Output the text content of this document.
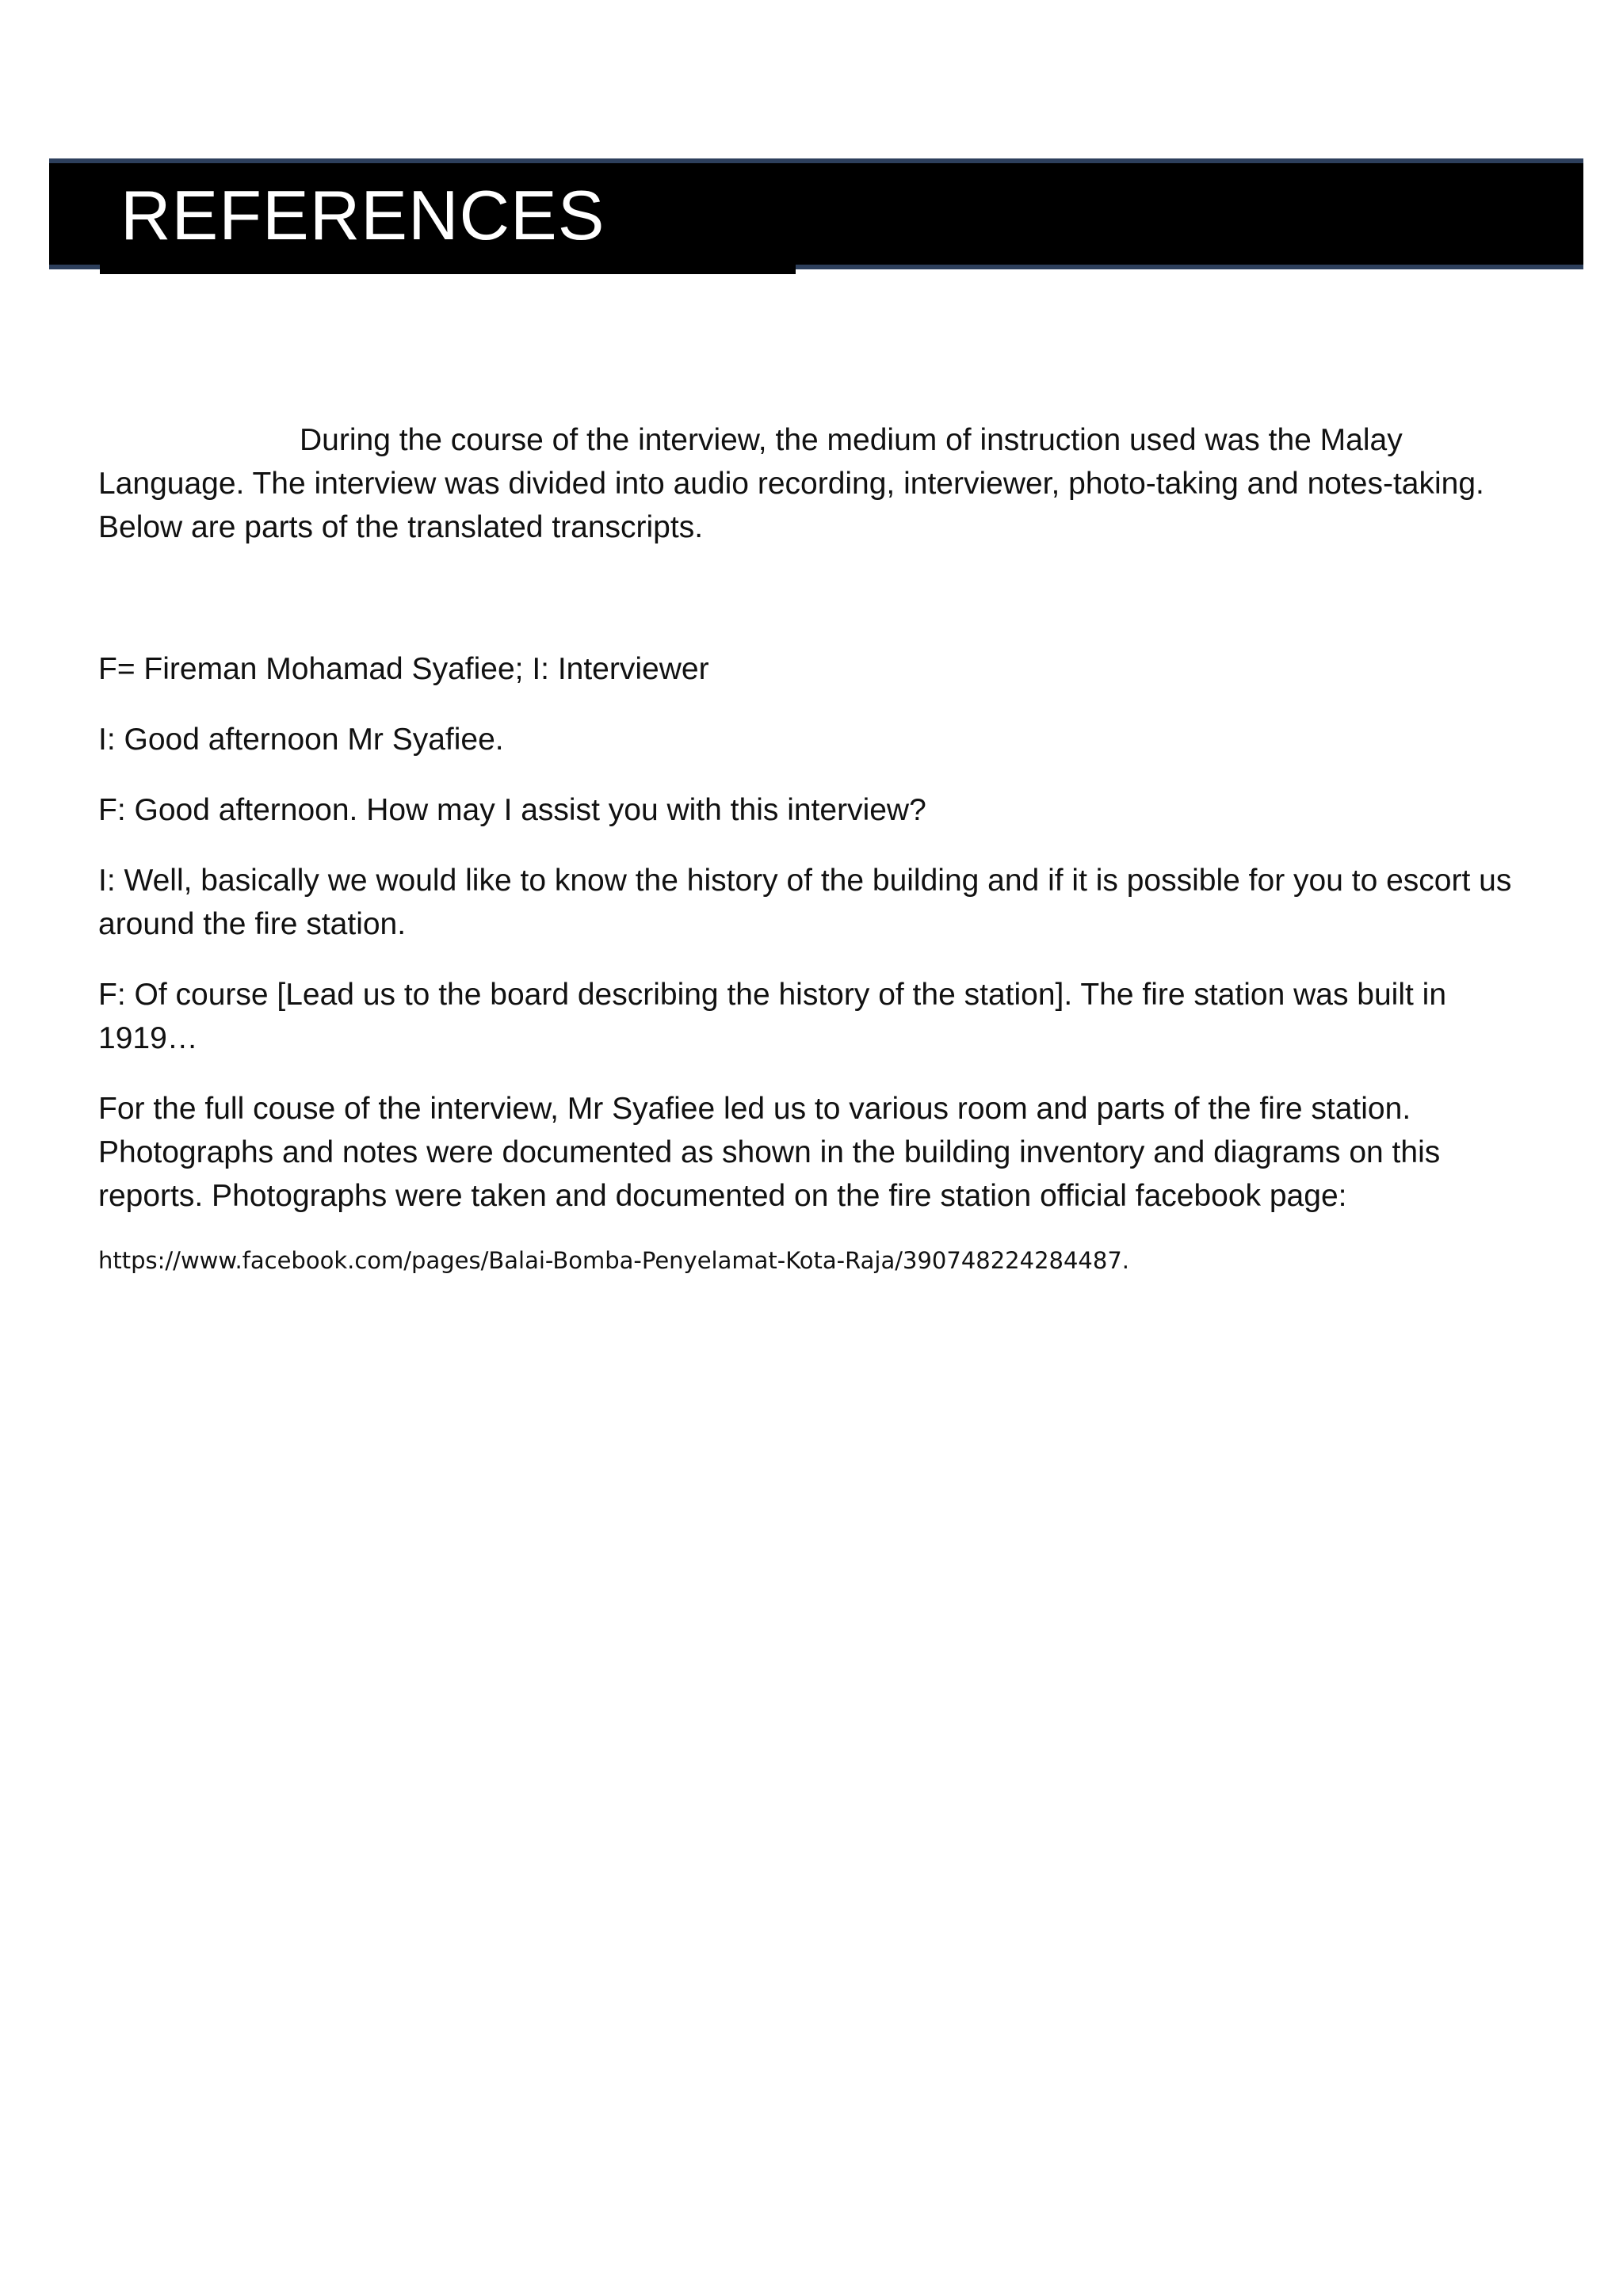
REFERENCES

During the course of the interview, the medium of instruction used was the Malay Language. The interview was divided into audio recording, interviewer, photo-taking and notes-taking. Below are parts of the translated transcripts.

F= Fireman Mohamad Syafiee; I: Interviewer

I: Good afternoon Mr Syafiee.

F: Good afternoon. How may I assist you with this interview?

I: Well, basically we would like to know the history of the building and if it is possible for you to escort us around the fire station.

F: Of course [Lead us to the board describing the history of the station]. The fire station was built in 1919…

For the full couse of the interview, Mr Syafiee led us to various room and parts of the fire station. Photographs and notes were documented as shown in the building inventory and diagrams on this reports. Photographs were taken and documented on the fire station official facebook page:

https://www.facebook.com/pages/Balai-Bomba-Penyelamat-Kota-Raja/390748224284487.
